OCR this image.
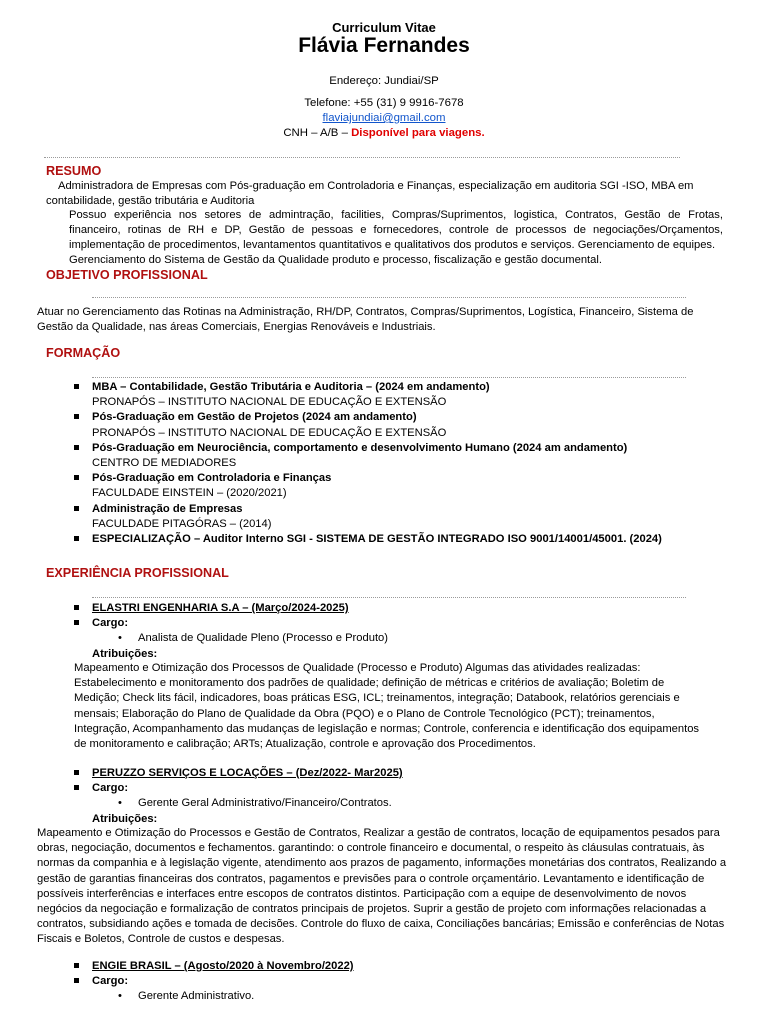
Curriculum Vitae
Flávia Fernandes
Endereço: Jundiai/SP
Telefone: +55 (31) 9 9916-7678
flaviajundiai@gmail.com
CNH – A/B – Disponível para viagens.
RESUMO

Administradora de Empresas com Pós-graduação em Controladoria e Finanças, especialização em auditoria SGI -ISO, MBA em

contabilidade, gestão tributária e Auditoria

Possuo experiência nos setores de admintração, facilities, Compras/Suprimentos, logistica, Contratos, Gestão de Frotas, financeiro, rotinas de RH e DP, Gestão de pessoas e fornecedores, controle de processos de negociações/Orçamentos, implementação de procedimentos, levantamentos quantitativos e qualitativos dos produtos e serviços. Gerenciamento de equipes.
Gerenciamento do Sistema de Gestão da Qualidade produto e processo, fiscalização e gestão documental.
OBJETIVO PROFISSIONAL
Atuar no Gerenciamento das Rotinas na Administração, RH/DP, Contratos, Compras/Suprimentos, Logística, Financeiro, Sistema de Gestão da Qualidade, nas áreas Comerciais, Energias Renováveis e Industriais.
FORMAÇÃO

MBA – Contabilidade, Gestão Tributária e Auditoria – (2024 em andamento)

PRONAPÓS – INSTITUTO NACIONAL DE EDUCAÇÃO E EXTENSÃO

Pós-Graduação em Gestão de Projetos (2024 am andamento)

PRONAPÓS – INSTITUTO NACIONAL DE EDUCAÇÃO E EXTENSÃO

Pós-Graduação em Neurociência, comportamento e desenvolvimento Humano (2024 am andamento)

CENTRO DE MEDIADORES

Pós-Graduação em Controladoria e Finanças

FACULDADE EINSTEIN – (2020/2021)

Administração de Empresas

FACULDADE PITAGÓRAS – (2014)

ESPECIALIZAÇÃO – Auditor Interno SGI - SISTEMA DE GESTÃO INTEGRADO ISO 9001/14001/45001. (2024)

EXPERIÊNCIA PROFISSIONAL
ELASTRI ENGENHARIA S.A – (Março/2024-2025)
Cargo:
• Analista de Qualidade Pleno (Processo e Produto)
Atribuições:
Mapeamento e Otimização dos Processos de Qualidade (Processo e Produto) Algumas das atividades realizadas: Estabelecimento e monitoramento dos padrões de qualidade; definição de métricas e critérios de avaliação; Boletim de Medição; Check lits fácil, indicadores, boas práticas ESG, ICL; treinamentos, integração; Databook, relatórios gerenciais e mensais; Elaboração do Plano de Qualidade da Obra (PQO) e o Plano de Controle Tecnológico (PCT); treinamentos, Integração, Acompanhamento das mudanças de legislação e normas; Controle, conferencia e identificação dos equipamentos de monitoramento e calibração; ARTs; Atualização, controle e aprovação dos Procedimentos.
PERUZZO SERVIÇOS E LOCAÇÕES – (Dez/2022- Mar2025)
Cargo:
• Gerente Geral Administrativo/Financeiro/Contratos.
Atribuições:
Mapeamento e Otimização do Processos e Gestão de Contratos, Realizar a gestão de contratos, locação de equipamentos pesados para obras, negociação, documentos e fechamentos. garantindo: o controle financeiro e documental, o respeito às cláusulas contratuais, às normas da companhia e à legislação vigente, atendimento aos prazos de pagamento, informações monetárias dos contratos, Realizando a gestão de garantias financeiras dos contratos, pagamentos e previsões para o controle orçamentário. Levantamento e identificação de possíveis interferências e interfaces entre escopos de contratos distintos. Participação com a equipe de desenvolvimento de novos negócios da negociação e formalização de contratos principais de projetos. Suprir a gestão de projeto com informações relacionadas a contratos, subsidiando ações e tomada de decisões. Controle do fluxo de caixa, Conciliações bancárias; Emissão e conferências de Notas Fiscais e Boletos, Controle de custos e despesas.
ENGIE BRASIL – (Agosto/2020 à Novembro/2022)
Cargo:
• Gerente Administrativo.
